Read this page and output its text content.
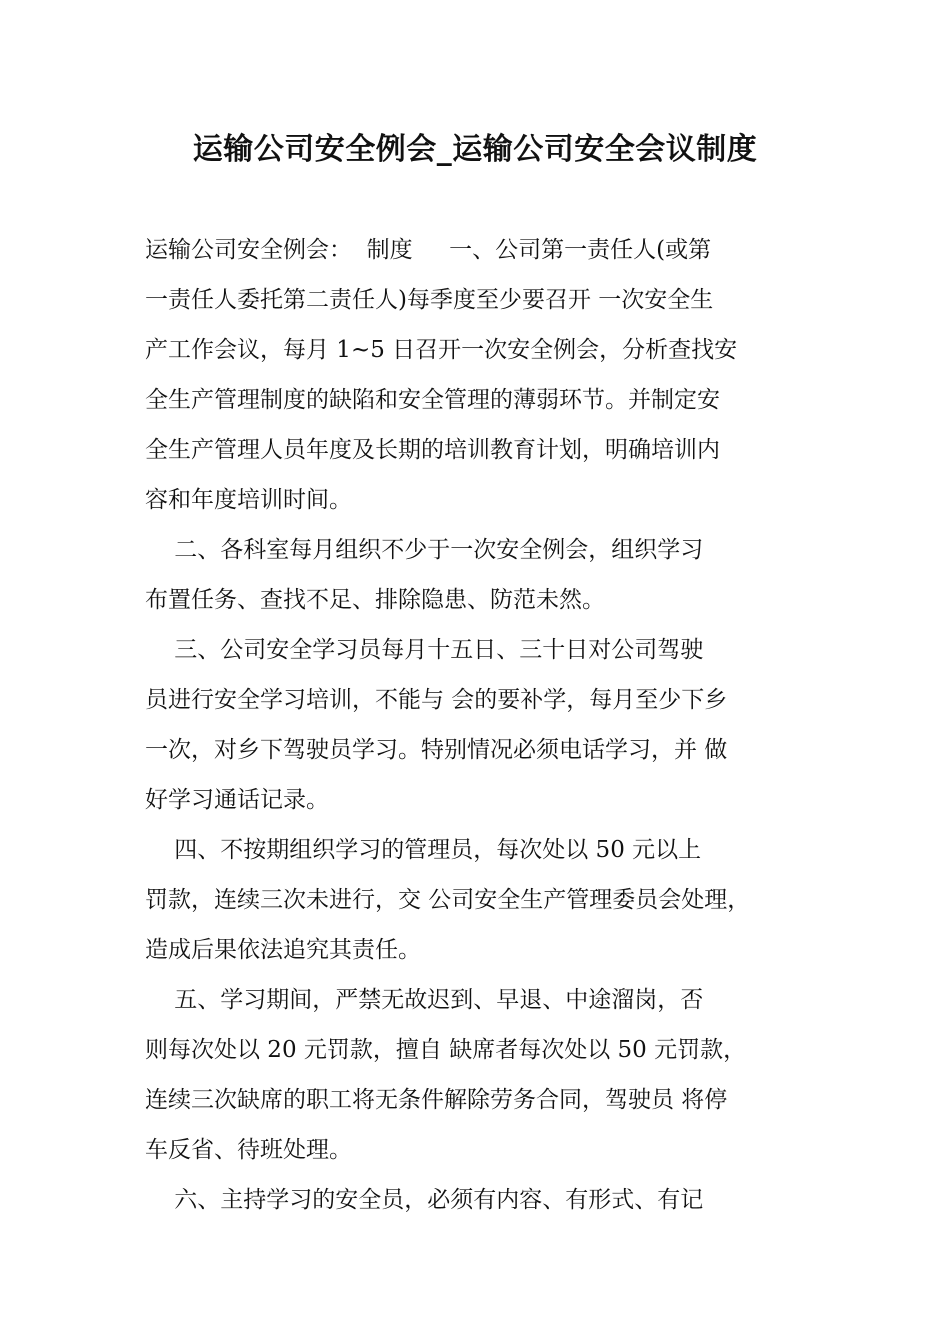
运输公司安全例会_运输公司安全会议制度
运输公司安全例会：  制度     一、公司第一责任人(或第
一责任人委托第二责任人)每季度至少要召开 一次安全生
产工作会议，每月 1~5 日召开一次安全例会，分析查找安
全生产管理制度的缺陷和安全管理的薄弱环节。并制定安
全生产管理人员年度及长期的培训教育计划，明确培训内
容和年度培训时间。
二、各科室每月组织不少于一次安全例会，组织学习
布置任务、查找不足、排除隐患、防范未然。
三、公司安全学习员每月十五日、三十日对公司驾驶
员进行安全学习培训，不能与 会的要补学，每月至少下乡
一次，对乡下驾驶员学习。特别情况必须电话学习，并 做
好学习通话记录。
四、不按期组织学习的管理员，每次处以 50 元以上
罚款，连续三次未进行，交 公司安全生产管理委员会处理，
造成后果依法追究其责任。
五、学习期间，严禁无故迟到、早退、中途溜岗，否
则每次处以 20 元罚款，擅自 缺席者每次处以 50 元罚款，
连续三次缺席的职工将无条件解除劳务合同，驾驶员 将停
车反省、待班处理。
六、主持学习的安全员，必须有内容、有形式、有记
